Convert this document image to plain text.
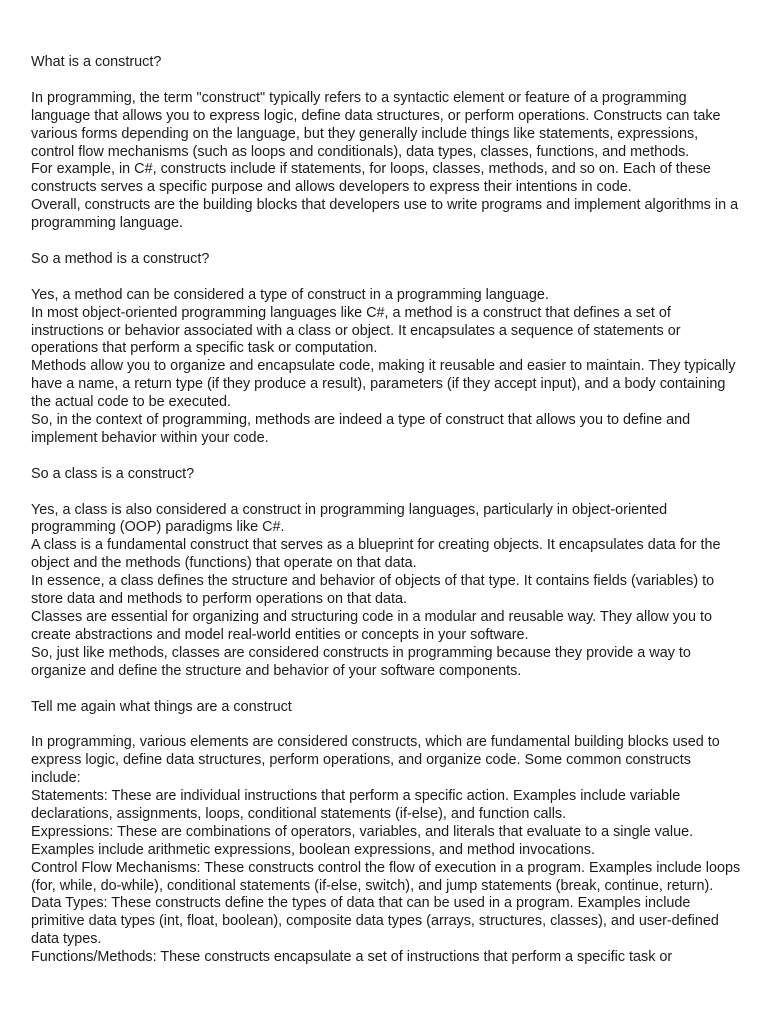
What is a construct?

In programming, the term "construct" typically refers to a syntactic element or feature of a programming language that allows you to express logic, define data structures, or perform operations. Constructs can take various forms depending on the language, but they generally include things like statements, expressions, control flow mechanisms (such as loops and conditionals), data types, classes, functions, and methods.

For example, in C#, constructs include if statements, for loops, classes, methods, and so on. Each of these constructs serves a specific purpose and allows developers to express their intentions in code.

Overall, constructs are the building blocks that developers use to write programs and implement algorithms in a programming language.

So a method is a construct?

Yes, a method can be considered a type of construct in a programming language.

In most object-oriented programming languages like C#, a method is a construct that defines a set of instructions or behavior associated with a class or object. It encapsulates a sequence of statements or operations that perform a specific task or computation.

Methods allow you to organize and encapsulate code, making it reusable and easier to maintain. They typically have a name, a return type (if they produce a result), parameters (if they accept input), and a body containing the actual code to be executed.

So, in the context of programming, methods are indeed a type of construct that allows you to define and implement behavior within your code.

So a class is a construct?

Yes, a class is also considered a construct in programming languages, particularly in object-oriented programming (OOP) paradigms like C#.

A class is a fundamental construct that serves as a blueprint for creating objects. It encapsulates data for the object and the methods (functions) that operate on that data.

In essence, a class defines the structure and behavior of objects of that type. It contains fields (variables) to store data and methods to perform operations on that data.

Classes are essential for organizing and structuring code in a modular and reusable way. They allow you to create abstractions and model real-world entities or concepts in your software.

So, just like methods, classes are considered constructs in programming because they provide a way to organize and define the structure and behavior of your software components.

Tell me again what things are a construct

In programming, various elements are considered constructs, which are fundamental building blocks used to express logic, define data structures, perform operations, and organize code. Some common constructs include:

Statements: These are individual instructions that perform a specific action. Examples include variable declarations, assignments, loops, conditional statements (if-else), and function calls.

Expressions: These are combinations of operators, variables, and literals that evaluate to a single value. Examples include arithmetic expressions, boolean expressions, and method invocations.

Control Flow Mechanisms: These constructs control the flow of execution in a program. Examples include loops (for, while, do-while), conditional statements (if-else, switch), and jump statements (break, continue, return).

Data Types: These constructs define the types of data that can be used in a program. Examples include primitive data types (int, float, boolean), composite data types (arrays, structures, classes), and user-defined data types.

Functions/Methods: These constructs encapsulate a set of instructions that perform a specific task or
